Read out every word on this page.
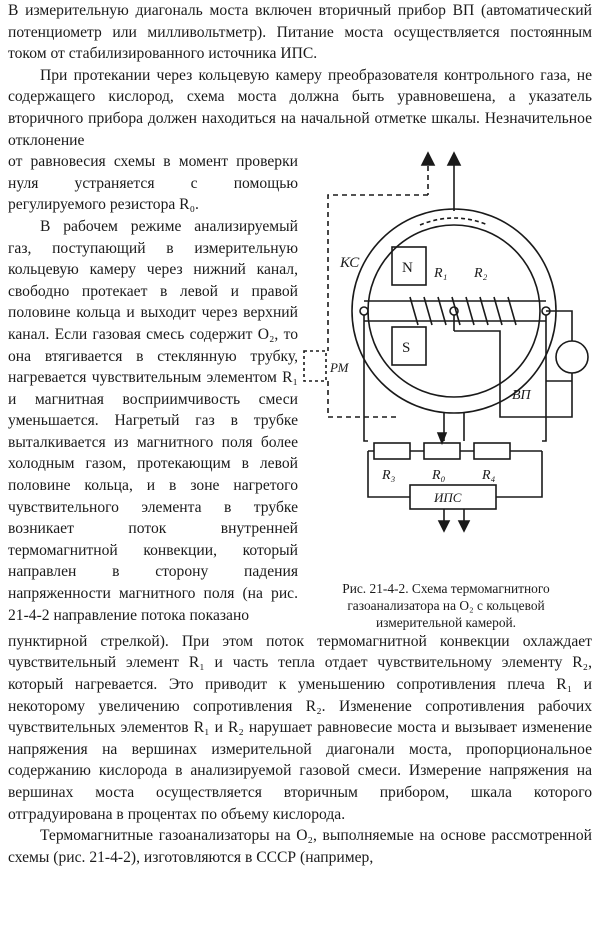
В измерительную диагональ моста включен вторичный прибор ВП (автоматический потенциометр или милливольтметр). Питание моста осуществляется постоянным током от стабилизированного источника ИПС.

При протекании через кольцевую камеру преобразователя контрольного газа, не содержащего кислород, схема моста должна быть уравновешена, а указатель вторичного прибора должен находиться на начальной отметке шкалы. Незначительное отклонение

от равновесия схемы в момент проверки нуля устраняется с помощью регулируемого резистора R₀.

В рабочем режиме анализируемый газ, поступающий в измерительную кольцевую камеру через нижний канал, свободно протекает в левой и правой половине кольца и выходит через верхний канал. Если газовая смесь содержит O₂, то она втягивается в стеклянную трубку, нагревается чувствительным элементом R₁ и магнитная восприимчивость смеси уменьшается. Нагретый газ в трубке выталкивается из магнитного поля более холодным газом, протекающим в левой половине кольца, и в зоне нагретого чувствительного элемента в трубке возникает поток внутренней термомагнитной конвекции, который направлен в сторону падения напряженности магнитного поля (на рис. 21-4-2 направление потока показано

КС
РМ
N
S
R₁ R₂
ВП
R₃	R₀	R₄
ИПС

Рис. 21-4-2. Схема термомагнитного газоанализатора на O₂ с кольцевой измерительной камерой.

пунктирной стрелкой). При этом поток термомагнитной конвекции охлаждает чувствительный элемент R₁ и часть тепла отдает чувствительному элементу R₂, который нагревается. Это приводит к уменьшению сопротивления плеча R₁ и некоторому увеличению сопротивления R₂. Изменение сопротивления рабочих чувствительных элементов R₁ и R₂ нарушает равновесие моста и вызывает изменение напряжения на вершинах измерительной диагонали моста, пропорциональное содержанию кислорода в анализируемой газовой смеси. Измерение напряжения на вершинах моста осуществляется вторичным прибором, шкала которого отградуирована в процентах по объему кислорода.

Термомагнитные газоанализаторы на O₂, выполняемые на основе рассмотренной схемы (рис. 21-4-2), изготовляются в СССР (например,
